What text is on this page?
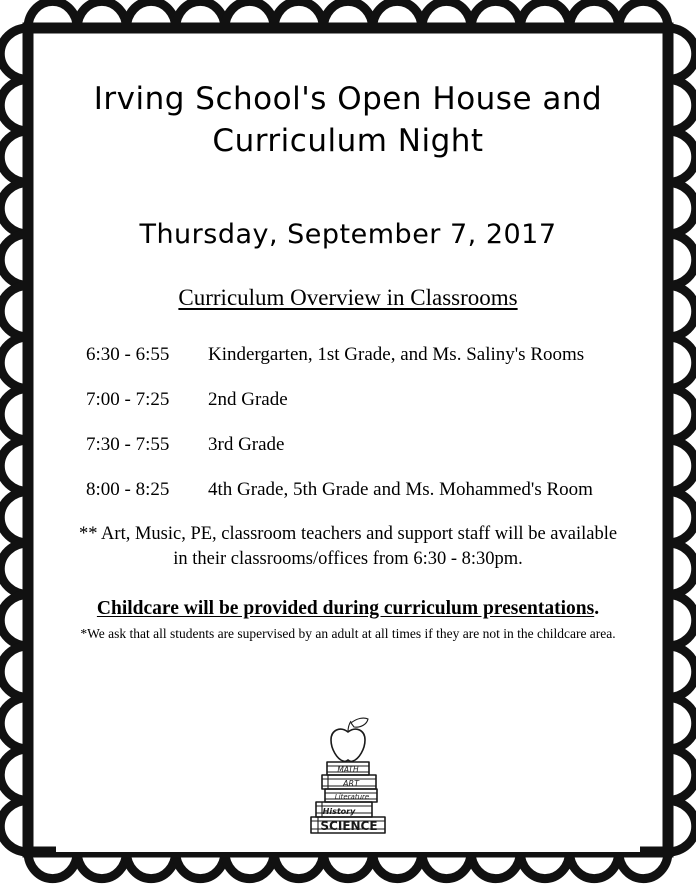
Irving School's Open House and
Curriculum Night
Thursday, September 7, 2017
Curriculum Overview in Classrooms
6:30 - 6:55	Kindergarten, 1st Grade, and Ms. Saliny's Rooms
7:00 - 7:25	2nd Grade
7:30 - 7:55	3rd Grade
8:00 - 8:25	4th Grade, 5th Grade and Ms. Mohammed's Room
** Art, Music, PE, classroom teachers and support staff will be available in their classrooms/offices from 6:30 - 8:30pm.
Childcare will be provided during curriculum presentations.
*We ask that all students are supervised by an adult at all times if they are not in the childcare area.
MATH
ART
Literature
History
SCIENCE
